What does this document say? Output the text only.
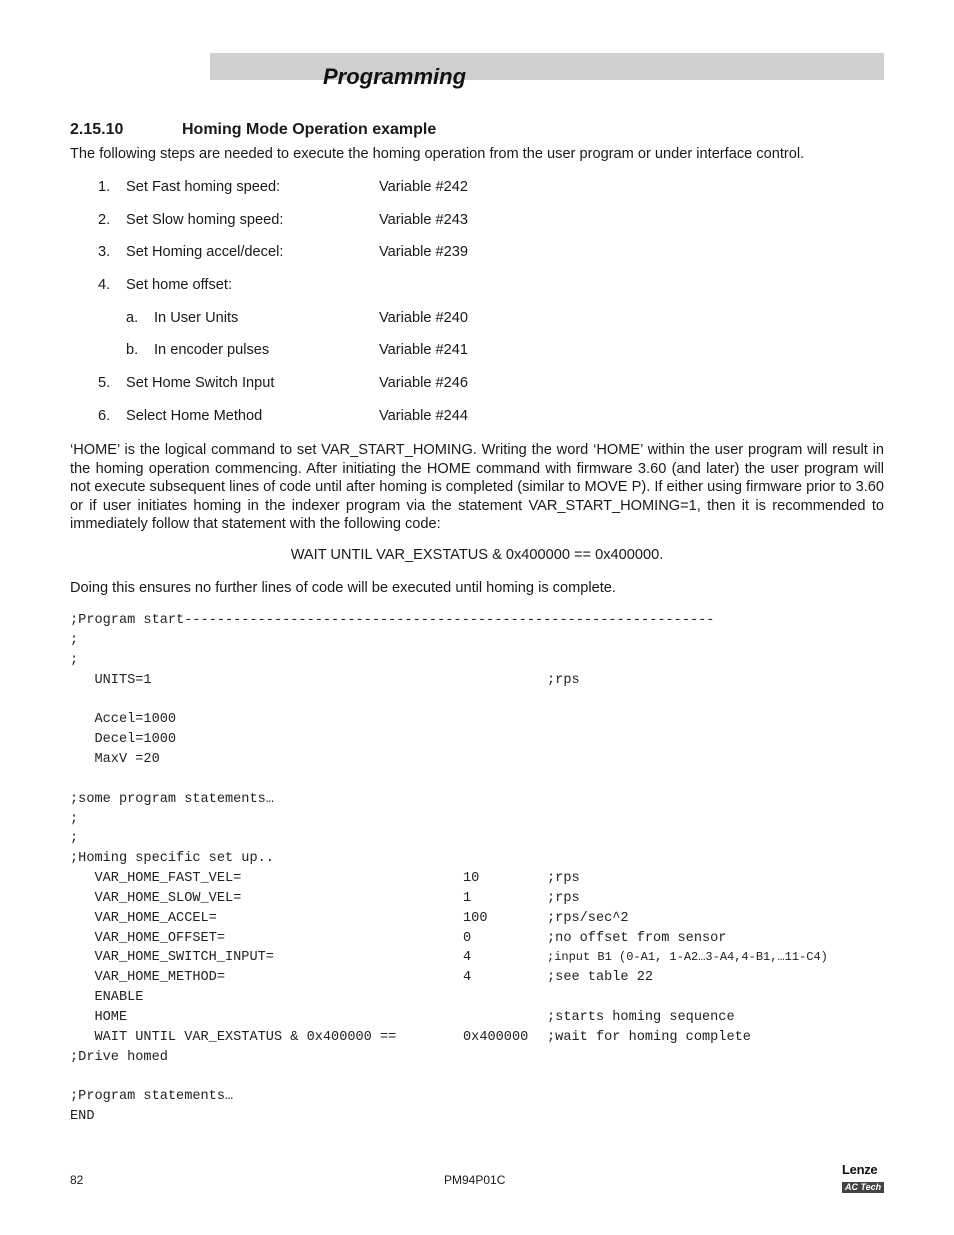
Programming
2.15.10	Homing Mode Operation example
The following steps are needed to execute the homing operation from the user program or under interface control.
1. Set Fast homing speed:	Variable #242
2. Set Slow homing speed:	Variable #243
3. Set Homing accel/decel:	Variable #239
4. Set home offset:
a. In User Units	Variable #240
b. In encoder pulses	Variable #241
5. Set Home Switch Input	Variable #246
6. Select Home Method	Variable #244
‘HOME’ is the logical command to set VAR_START_HOMING. Writing the word ‘HOME’ within the user program will result in the homing operation commencing. After initiating the HOME command with firmware 3.60 (and later) the user program will not execute subsequent lines of code until after homing is completed (similar to MOVE P). If either using firmware prior to 3.60 or if user initiates homing in the indexer program via the statement VAR_START_HOMING=1, then it is recommended to immediately follow that statement with the following code:
WAIT UNTIL VAR_EXSTATUS & 0x400000 == 0x400000.
Doing this ensures no further lines of code will be executed until homing is complete.
;Program start-----------------------------------------------------------------
;
;
UNITS=1	;rps
Accel=1000
Decel=1000
MaxV =20
;some program statements…
;
;
;Homing specific set up..
VAR_HOME_FAST_VEL=	10	;rps
VAR_HOME_SLOW_VEL=	1	;rps
VAR_HOME_ACCEL=	100	;rps/sec^2
VAR_HOME_OFFSET=	0	;no offset from sensor
VAR_HOME_SWITCH_INPUT=	4	;input B1 (0-A1, 1-A2…3-A4,4-B1,…11-C4)
VAR_HOME_METHOD=	4	;see table 22
ENABLE
HOME	;starts homing sequence
WAIT UNTIL VAR_EXSTATUS & 0x400000 ==	0x400000 ;wait for homing complete
;Drive homed
;Program statements…
END
82	PM94P01C
Lenze
AC Tech
